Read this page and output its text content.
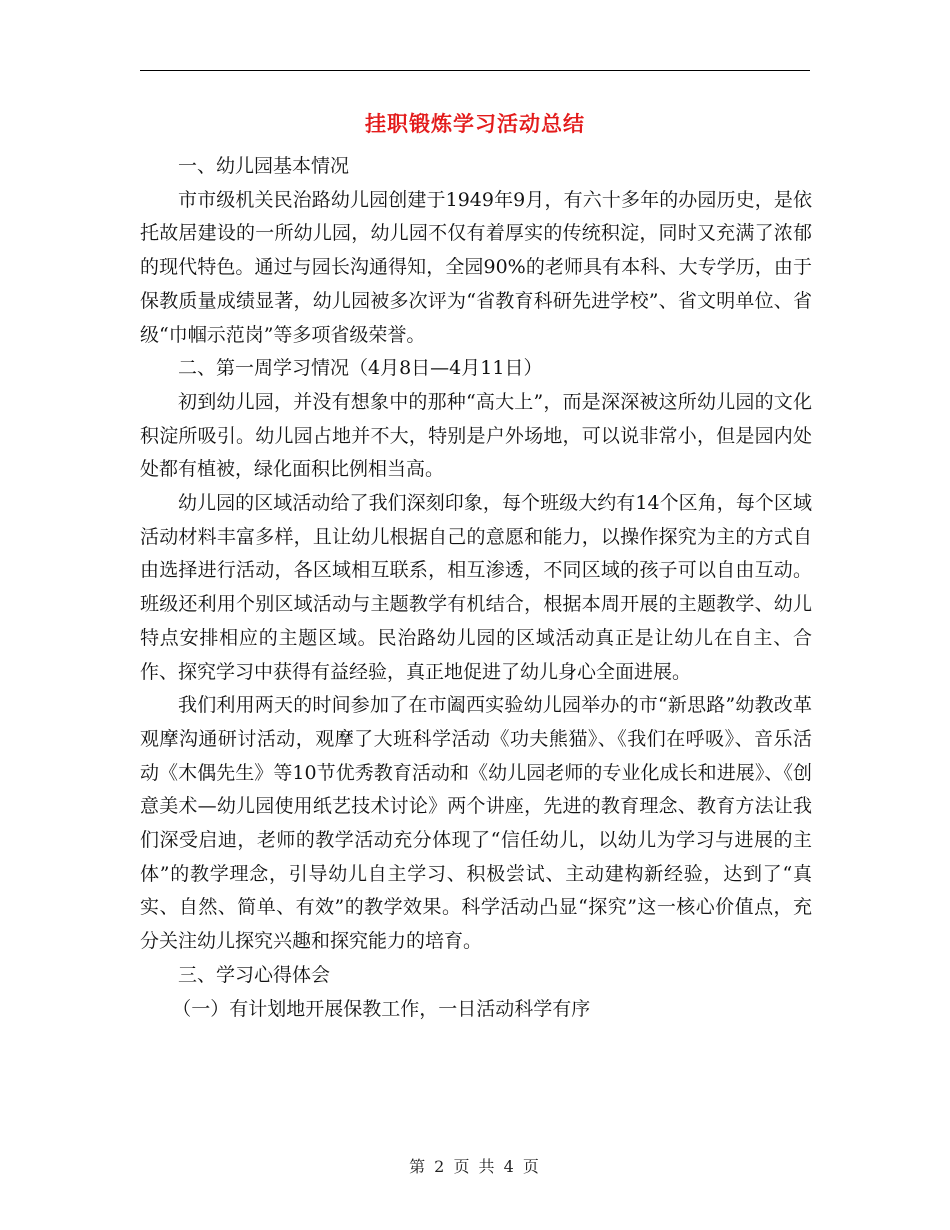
挂职锻炼学习活动总结

一、幼儿园基本情况

市市级机关民治路幼儿园创建于1949年9月，有六十多年的办园历史，是依托故居建设的一所幼儿园，幼儿园不仅有着厚实的传统积淀，同时又充满了浓郁的现代特色。通过与园长沟通得知，全园90%的老师具有本科、大专学历，由于保教质量成绩显著，幼儿园被多次评为“省教育科研先进学校”、省文明单位、省级“巾帼示范岗”等多项省级荣誉。

二、第一周学习情况（4月8日—4月11日）

初到幼儿园，并没有想象中的那种“高大上”，而是深深被这所幼儿园的文化积淀所吸引。幼儿园占地并不大，特别是户外场地，可以说非常小，但是园内处处都有植被，绿化面积比例相当高。

幼儿园的区域活动给了我们深刻印象，每个班级大约有14个区角，每个区域活动材料丰富多样，且让幼儿根据自己的意愿和能力，以操作探究为主的方式自由选择进行活动，各区域相互联系，相互渗透，不同区域的孩子可以自由互动。班级还利用个别区域活动与主题教学有机结合，根据本周开展的主题教学、幼儿特点安排相应的主题区域。民治路幼儿园的区域活动真正是让幼儿在自主、合作、探究学习中获得有益经验，真正地促进了幼儿身心全面进展。

我们利用两天的时间参加了在市阖西实验幼儿园举办的市“新思路”幼教改革观摩沟通研讨活动，观摩了大班科学活动《功夫熊猫》、《我们在呼吸》、音乐活动《木偶先生》等10节优秀教育活动和《幼儿园老师的专业化成长和进展》、《创意美术—幼儿园使用纸艺技术讨论》两个讲座，先进的教育理念、教育方法让我们深受启迪，老师的教学活动充分体现了“信任幼儿，以幼儿为学习与进展的主体”的教学理念，引导幼儿自主学习、积极尝试、主动建构新经验，达到了“真实、自然、简单、有效”的教学效果。科学活动凸显“探究”这一核心价值点，充分关注幼儿探究兴趣和探究能力的培育。

三、学习心得体会

（一）有计划地开展保教工作，一日活动科学有序

第 2 页 共 4 页
